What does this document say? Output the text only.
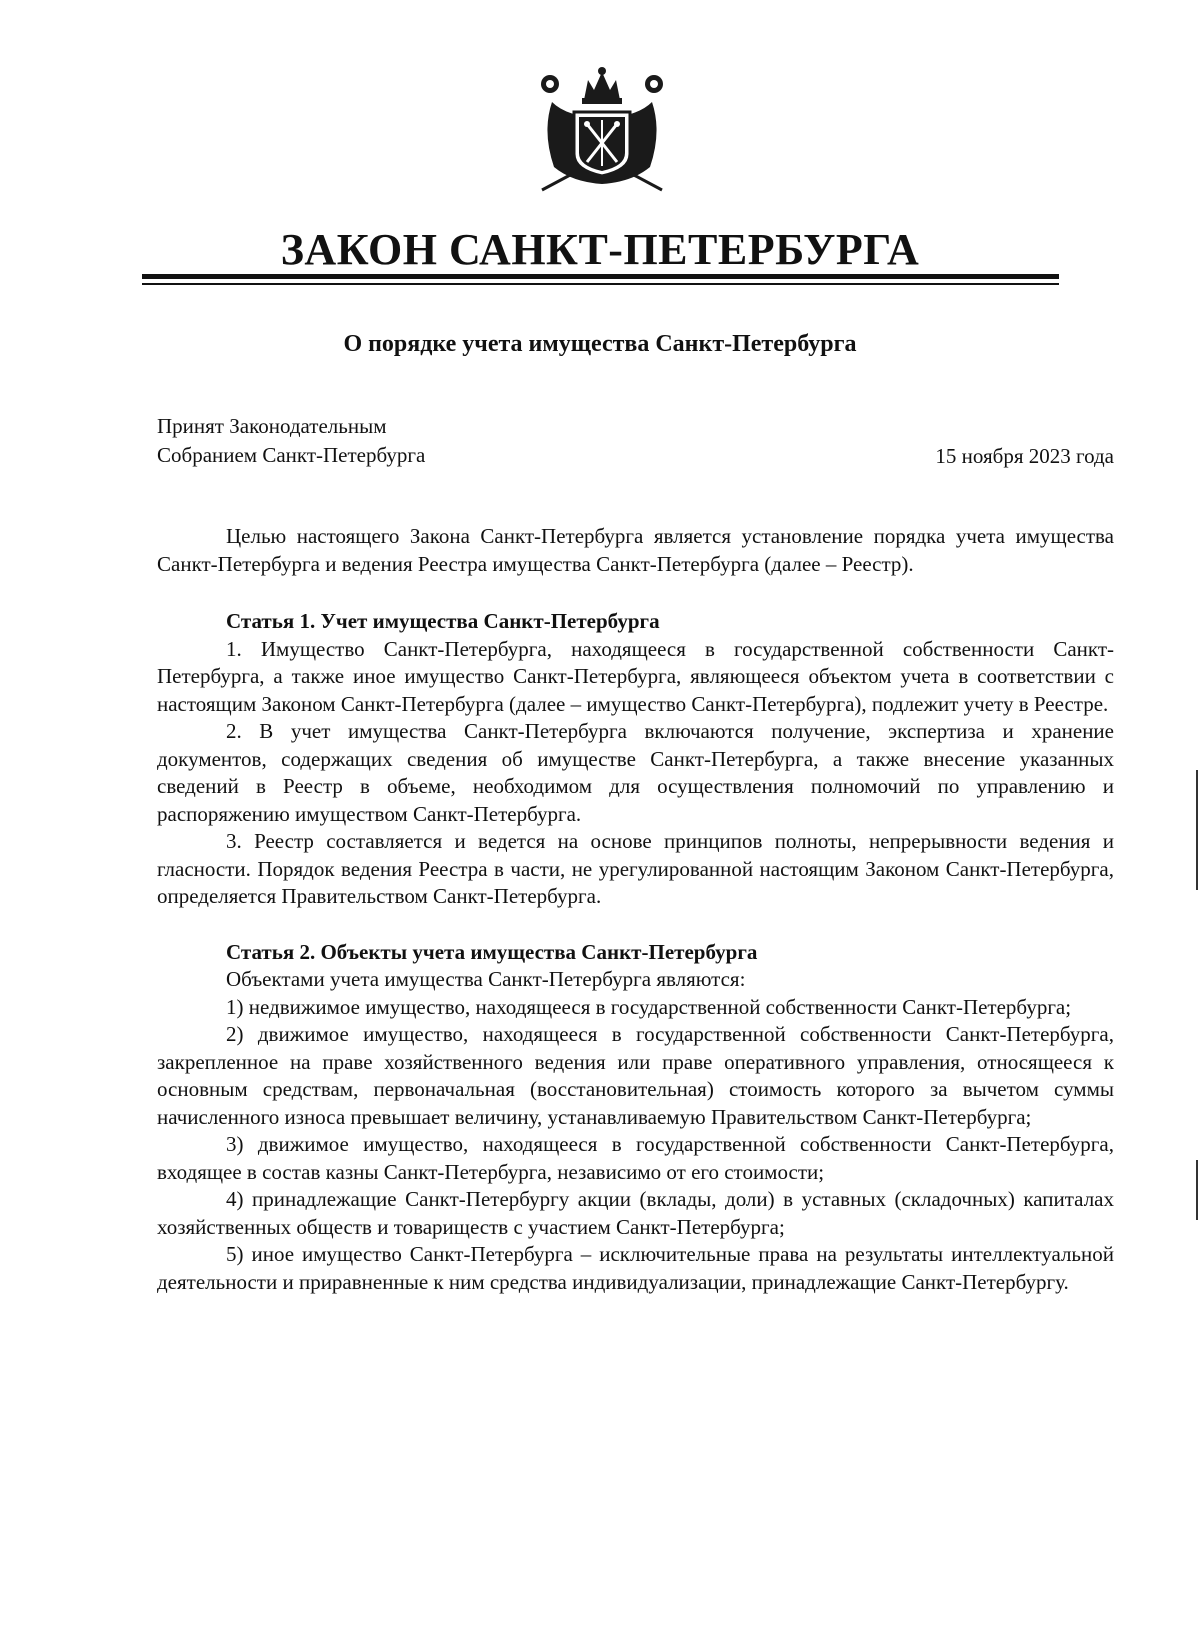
ЗАКОН САНКТ-ПЕТЕРБУРГА
О порядке учета имущества Санкт-Петербурга
Принят Законодательным
Собранием Санкт-Петербурга	15 ноября 2023 года

Целью настоящего Закона Санкт-Петербурга является установление порядка учета имущества Санкт-Петербурга и ведения Реестра имущества Санкт-Петербурга (далее – Реестр).

Статья 1. Учет имущества Санкт-Петербурга

1. Имущество Санкт-Петербурга, находящееся в государственной собственности Санкт-Петербурга, а также иное имущество Санкт-Петербурга, являющееся объектом учета в соответствии с настоящим Законом Санкт-Петербурга (далее – имущество Санкт-Петербурга), подлежит учету в Реестре.

2. В учет имущества Санкт-Петербурга включаются получение, экспертиза и хранение документов, содержащих сведения об имуществе Санкт-Петербурга, а также внесение указанных сведений в Реестр в объеме, необходимом для осуществления полномочий по управлению и распоряжению имуществом Санкт-Петербурга.

3. Реестр составляется и ведется на основе принципов полноты, непрерывности ведения и гласности. Порядок ведения Реестра в части, не урегулированной настоящим Законом Санкт-Петербурга, определяется Правительством Санкт-Петербурга.

Статья 2. Объекты учета имущества Санкт-Петербурга

Объектами учета имущества Санкт-Петербурга являются:

1) недвижимое имущество, находящееся в государственной собственности Санкт-Петербурга;

2) движимое имущество, находящееся в государственной собственности Санкт-Петербурга, закрепленное на праве хозяйственного ведения или праве оперативного управления, относящееся к основным средствам, первоначальная (восстановительная) стоимость которого за вычетом суммы начисленного износа превышает величину, устанавливаемую Правительством Санкт-Петербурга;

3) движимое имущество, находящееся в государственной собственности Санкт-Петербурга, входящее в состав казны Санкт-Петербурга, независимо от его стоимости;

4) принадлежащие Санкт-Петербургу акции (вклады, доли) в уставных (складочных) капиталах хозяйственных обществ и товариществ с участием Санкт-Петербурга;

5) иное имущество Санкт-Петербурга – исключительные права на результаты интеллектуальной деятельности и приравненные к ним средства индивидуализации, принадлежащие Санкт-Петербургу.
